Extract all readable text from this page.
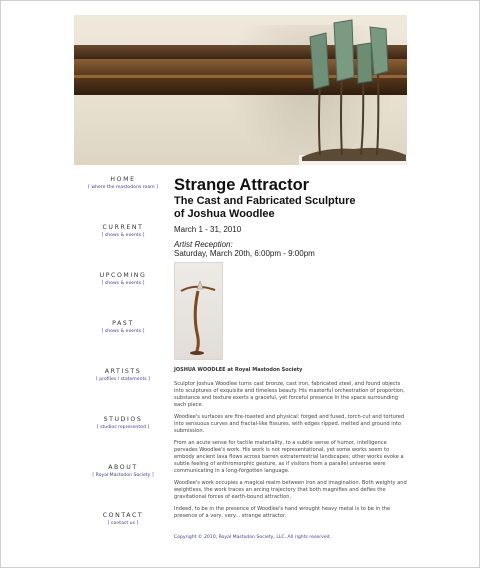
HOME
[ where the mastodons roam ]
CURRENT
[ shows & events ]
UPCOMING
[ shows & events ]
PAST
[ shows & events ]
ARTISTS
[ profiles / statements ]
STUDIOS
[ studios represented ]
ABOUT
[ Royal Mastodon Society ]
CONTACT
[ contact us ]
Strange Attractor
The Cast and Fabricated Sculpture
of Joshua Woodlee
March 1 - 31, 2010
Artist Reception:
Saturday, March 20th, 6:00pm - 9:00pm
JOSHUA WOODLEE at Royal Mastodon Society

Sculptor Joshua Woodlee turns cast bronze, cast iron, fabricated steel, and found objects into sculptures of exquisite and timeless beauty. His masterful orchestration of proportion, substance and texture exerts a graceful, yet forceful presence in the space surrounding each piece.

Woodlee's surfaces are fire-roasted and physical: forged and fused, torch-cut and tortured into sensuous curves and fractal-like fissures, with edges ripped, melted and ground into submission.

From an acute sense for tactile materiality, to a subtle sense of humor, intelligence pervades Woodlee's work. His work is not representational, yet some works seem to embody ancient lava flows across barren extraterrestrial landscapes; other works evoke a subtle feeling of anthromorphic gesture, as if visitors from a parallel universe were communicating in a long-forgotten language.

Woodlee's work occupies a magical realm between iron and imagination. Both weighty and weightless, the work traces an arcing trajectory that both magnifies and defies the gravitational forces of earth-bound attraction.

Indeed, to be in the presence of Woodlee's hand wrought heavy metal is to be in the presence of a very, very... strange attractor.

Copyright © 2010, Royal Mastodon Society, LLC. All rights reserved.
